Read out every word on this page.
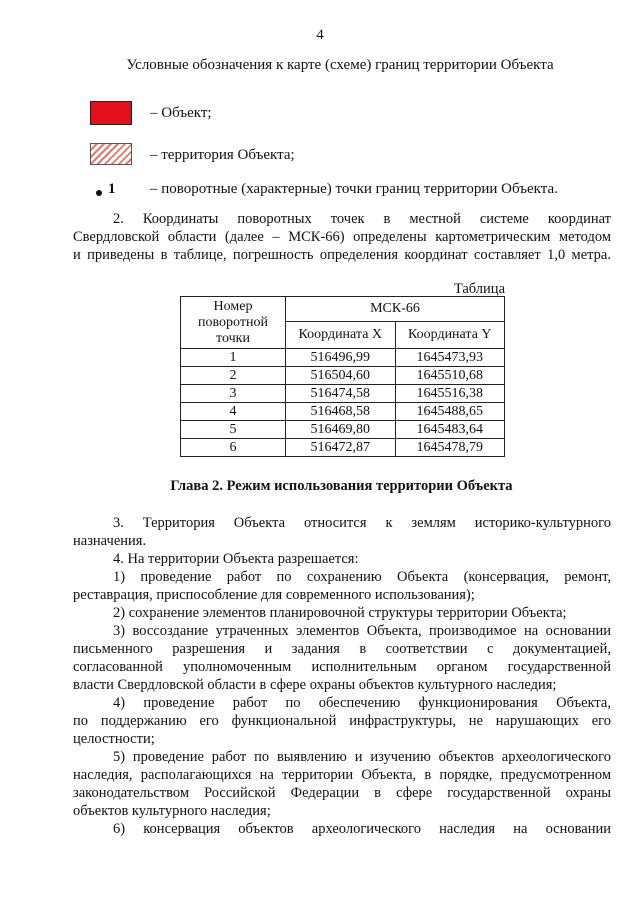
4
Условные обозначения к карте (схеме) границ территории Объекта
– Объект;
– территория Объекта;
1 – поворотные (характерные) точки границ территории Объекта.
2. Координаты поворотных точек в местной системе координат
Свердловской области (далее – МСК-66) определены картометрическим методом
и приведены в таблице, погрешность определения координат составляет 1,0 метра.
Таблица
Номер поворотной точки	МСК-66	
	Координата X	Координата Y
1	516496,99	1645473,93
2	516504,60	1645510,68
3	516474,58	1645516,38
4	516468,58	1645488,65
5	516469,80	1645483,64
6	516472,87	1645478,79
Глава 2. Режим использования территории Объекта
3. Территория Объекта относится к землям историко-культурного
назначения.
4. На территории Объекта разрешается:
1) проведение работ по сохранению Объекта (консервация, ремонт,
реставрация, приспособление для современного использования);
2) сохранение элементов планировочной структуры территории Объекта;
3) воссоздание утраченных элементов Объекта, производимое на основании
письменного разрешения и задания в соответствии с документацией,
согласованной уполномоченным исполнительным органом государственной
власти Свердловской области в сфере охраны объектов культурного наследия;
4) проведение работ по обеспечению функционирования Объекта,
по поддержанию его функциональной инфраструктуры, не нарушающих его
целостности;
5) проведение работ по выявлению и изучению объектов археологического
наследия, располагающихся на территории Объекта, в порядке, предусмотренном
законодательством Российской Федерации в сфере государственной охраны
объектов культурного наследия;
6) консервация объектов археологического наследия на основании
